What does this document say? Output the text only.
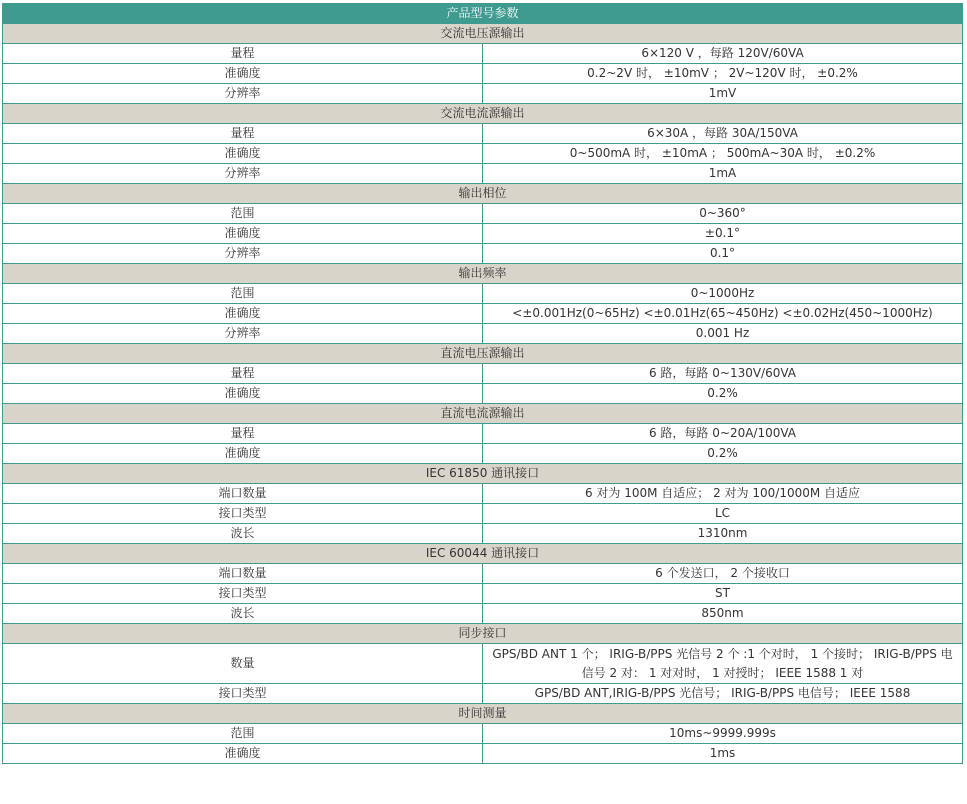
产品型号参数	
交流电压源输出	
量程	6×120 V ，每路 120V/60VA
准确度	0.2~2V 时， ±10mV ； 2V~120V 时， ±0.2%
分辨率	1mV
交流电流源输出	
量程	6×30A ，每路 30A/150VA
准确度	0~500mA 时， ±10mA ； 500mA~30A 时， ±0.2%
分辨率	1mA
输出相位	
范围	0~360°
准确度	±0.1°
分辨率	0.1°
输出频率	
范围	0~1000Hz
准确度	<±0.001Hz(0~65Hz) <±0.01Hz(65~450Hz) <±0.02Hz(450~1000Hz)
分辨率	0.001 Hz
直流电压源输出	
量程	6 路，每路 0~130V/60VA
准确度	0.2%
直流电流源输出	
量程	6 路，每路 0~20A/100VA
准确度	0.2%
IEC 61850 通讯接口	
端口数量	6 对为 100M 自适应； 2 对为 100/1000M 自适应
接口类型	LC
波长	1310nm
IEC 60044 通讯接口	
端口数量	6 个发送口， 2 个接收口
接口类型	ST
波长	850nm
同步接口	
数量	GPS/BD ANT 1 个； IRIG-B/PPS 光信号 2 个 :1 个对时， 1 个接时； IRIG-B/PPS 电信号 2 对： 1 对对时， 1 对授时； IEEE 1588 1 对
接口类型	GPS/BD ANT,IRIG-B/PPS 光信号； IRIG-B/PPS 电信号； IEEE 1588
时间测量	
范围	10ms~9999.999s
准确度	1ms
